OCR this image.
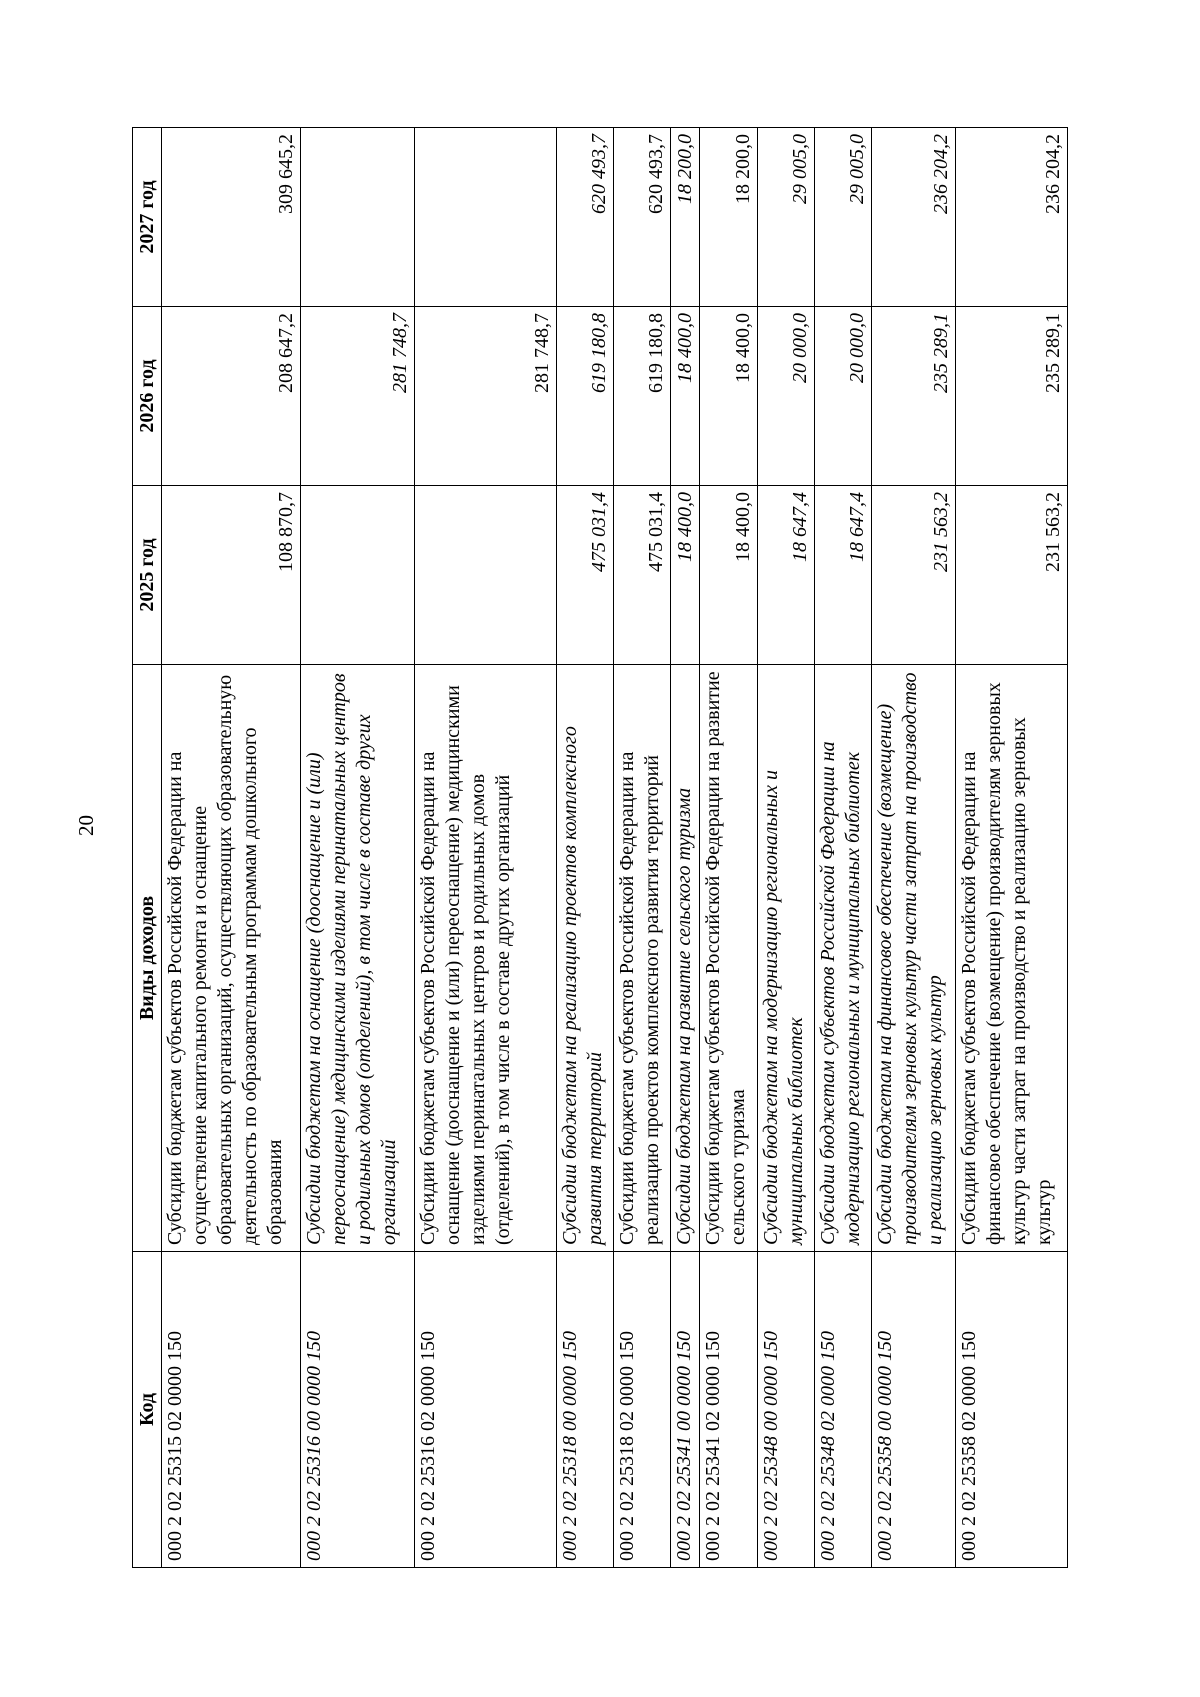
20
Код	Виды доходов	2025 год	2026 год	2027 год
000 2 02 25315 02 0000 150	Субсидии бюджетам субъектов Российской Федерации на осуществление капитального ремонта и оснащение образовательных организаций, осуществляющих образовательную деятельность по образовательным программам дошкольного образования	108 870,7	208 647,2	309 645,2
000 2 02 25316 00 0000 150	Субсидии бюджетам на оснащение (дооснащение и (или) переоснащение) медицинскими изделиями перинатальных центров и родильных домов (отделений), в том числе в составе других организаций		281 748,7	
000 2 02 25316 02 0000 150	Субсидии бюджетам субъектов Российской Федерации на оснащение (дооснащение и (или) переоснащение) медицинскими изделиями перинатальных центров и родильных домов (отделений), в том числе в составе других организаций		281 748,7	
000 2 02 25318 00 0000 150	Субсидии бюджетам на реализацию проектов комплексного развития территорий	475 031,4	619 180,8	620 493,7
000 2 02 25318 02 0000 150	Субсидии бюджетам субъектов Российской Федерации на реализацию проектов комплексного развития территорий	475 031,4	619 180,8	620 493,7
000 2 02 25341 00 0000 150	Субсидии бюджетам на развитие сельского туризма	18 400,0	18 400,0	18 200,0
000 2 02 25341 02 0000 150	Субсидии бюджетам субъектов Российской Федерации на развитие сельского туризма	18 400,0	18 400,0	18 200,0
000 2 02 25348 00 0000 150	Субсидии бюджетам на модернизацию региональных и муниципальных библиотек	18 647,4	20 000,0	29 005,0
000 2 02 25348 02 0000 150	Субсидии бюджетам субъектов Российской Федерации на модернизацию региональных и муниципальных библиотек	18 647,4	20 000,0	29 005,0
000 2 02 25358 00 0000 150	Субсидии бюджетам на финансовое обеспечение (возмещение) производителям зерновых культур части затрат на производство и реализацию зерновых культур	231 563,2	235 289,1	236 204,2
000 2 02 25358 02 0000 150	Субсидии бюджетам субъектов Российской Федерации на финансовое обеспечение (возмещение) производителям зерновых культур части затрат на производство и реализацию зерновых культур	231 563,2	235 289,1	236 204,2
